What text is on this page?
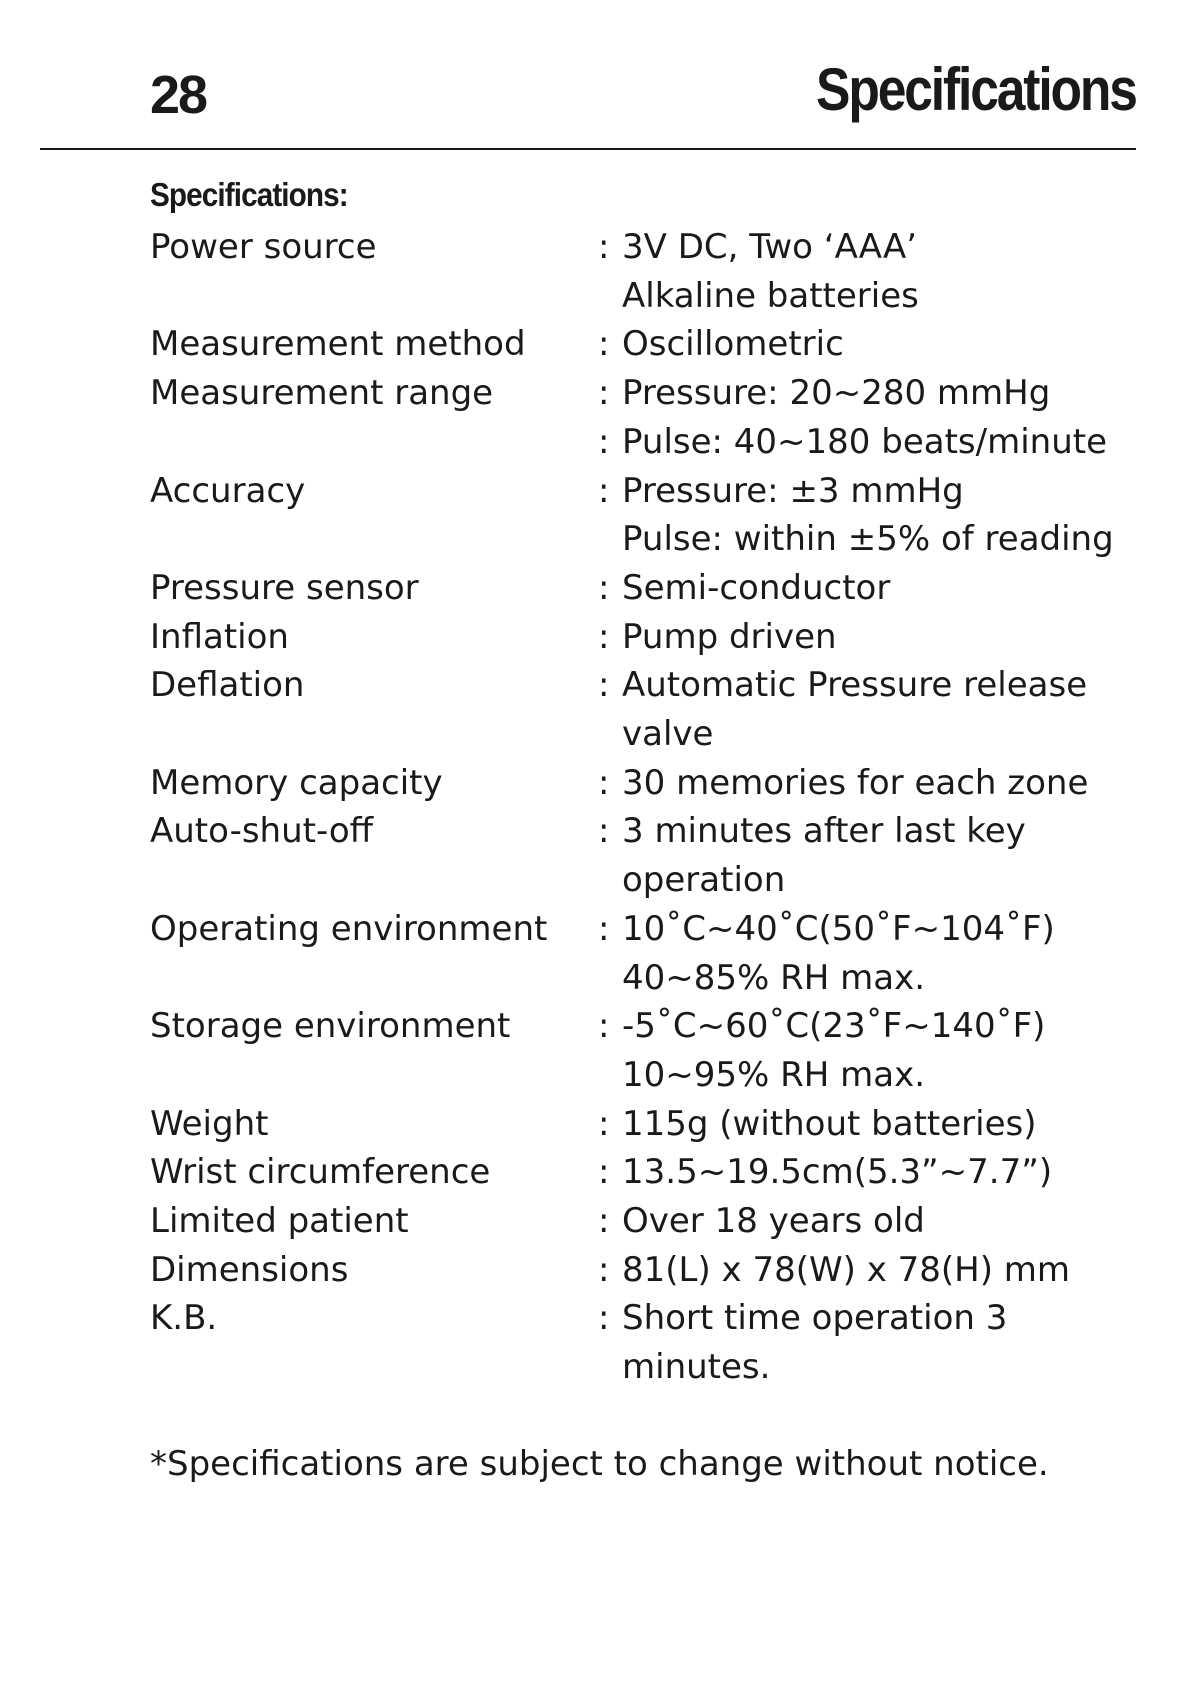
28	Specifications
Specifications:
Power source	: 3V DC, Two ‘AAA’
Alkaline batteries
Measurement method	: Oscillometric
Measurement range	: Pressure: 20~280 mmHg
: Pulse: 40~180 beats/minute
Accuracy	: Pressure: ±3 mmHg
Pulse: within ±5% of reading
Pressure sensor	: Semi-conductor
Inflation	: Pump driven
Deflation	: Automatic Pressure release
valve
Memory capacity	: 30 memories for each zone
Auto-shut-off	: 3 minutes after last key
operation
Operating environment	: 10˚C~40˚C(50˚F~104˚F)
40~85% RH max.
Storage environment	: -5˚C~60˚C(23˚F~140˚F)
10~95% RH max.
Weight	: 115g (without batteries)
Wrist circumference	: 13.5~19.5cm(5.3”~7.7”)
Limited patient	: Over 18 years old
Dimensions	: 81(L) x 78(W) x 78(H) mm
K.B.	: Short time operation 3
minutes.
*Specifications are subject to change without notice.
